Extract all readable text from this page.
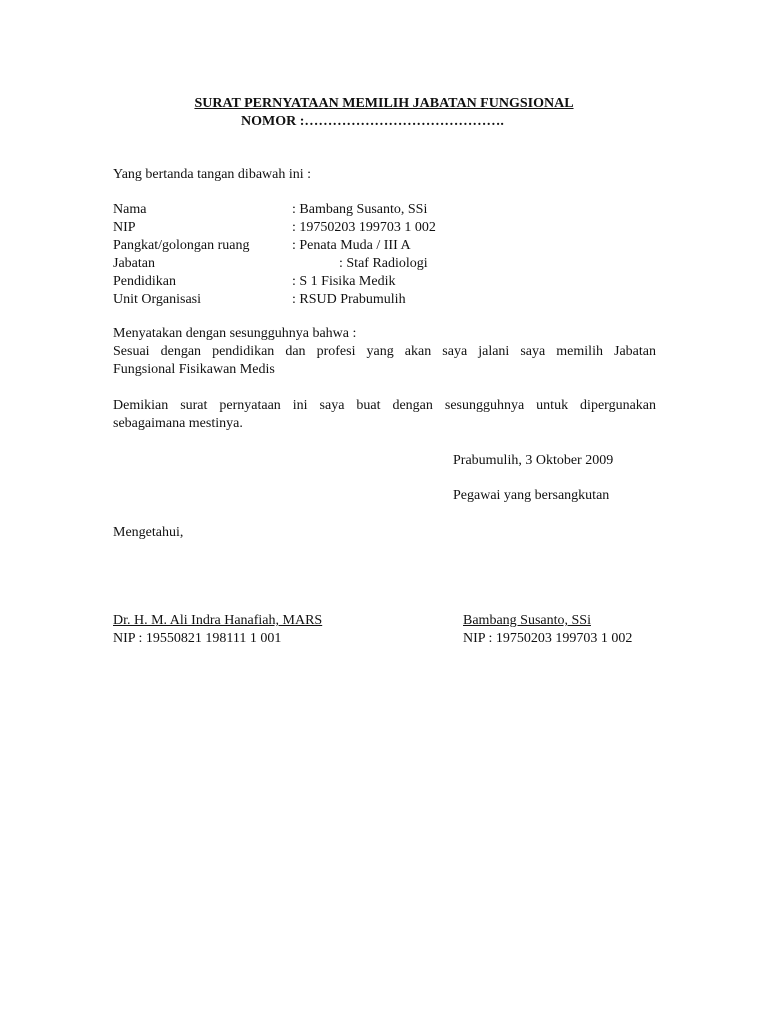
SURAT PERNYATAAN MEMILIH JABATAN FUNGSIONAL
NOMOR :…………………………………….
Yang bertanda tangan dibawah ini :
Nama	: Bambang Susanto, SSi
NIP	: 19750203 199703 1 002
Pangkat/golongan ruang	: Penata Muda / III A
Jabatan	: Staf Radiologi
Pendidikan	: S 1 Fisika Medik
Unit Organisasi	: RSUD Prabumulih
Menyatakan dengan sesungguhnya bahwa :
Sesuai dengan pendidikan dan profesi yang akan saya jalani saya memilih Jabatan
Fungsional Fisikawan Medis
Demikian surat pernyataan ini saya buat dengan sesungguhnya untuk dipergunakan
sebagaimana mestinya.
Prabumulih, 3 Oktober 2009
Pegawai yang bersangkutan
Mengetahui,
Dr. H. M. Ali Indra Hanafiah, MARS
NIP : 19550821 198111 1 001
Bambang Susanto, SSi
NIP : 19750203 199703 1 002
